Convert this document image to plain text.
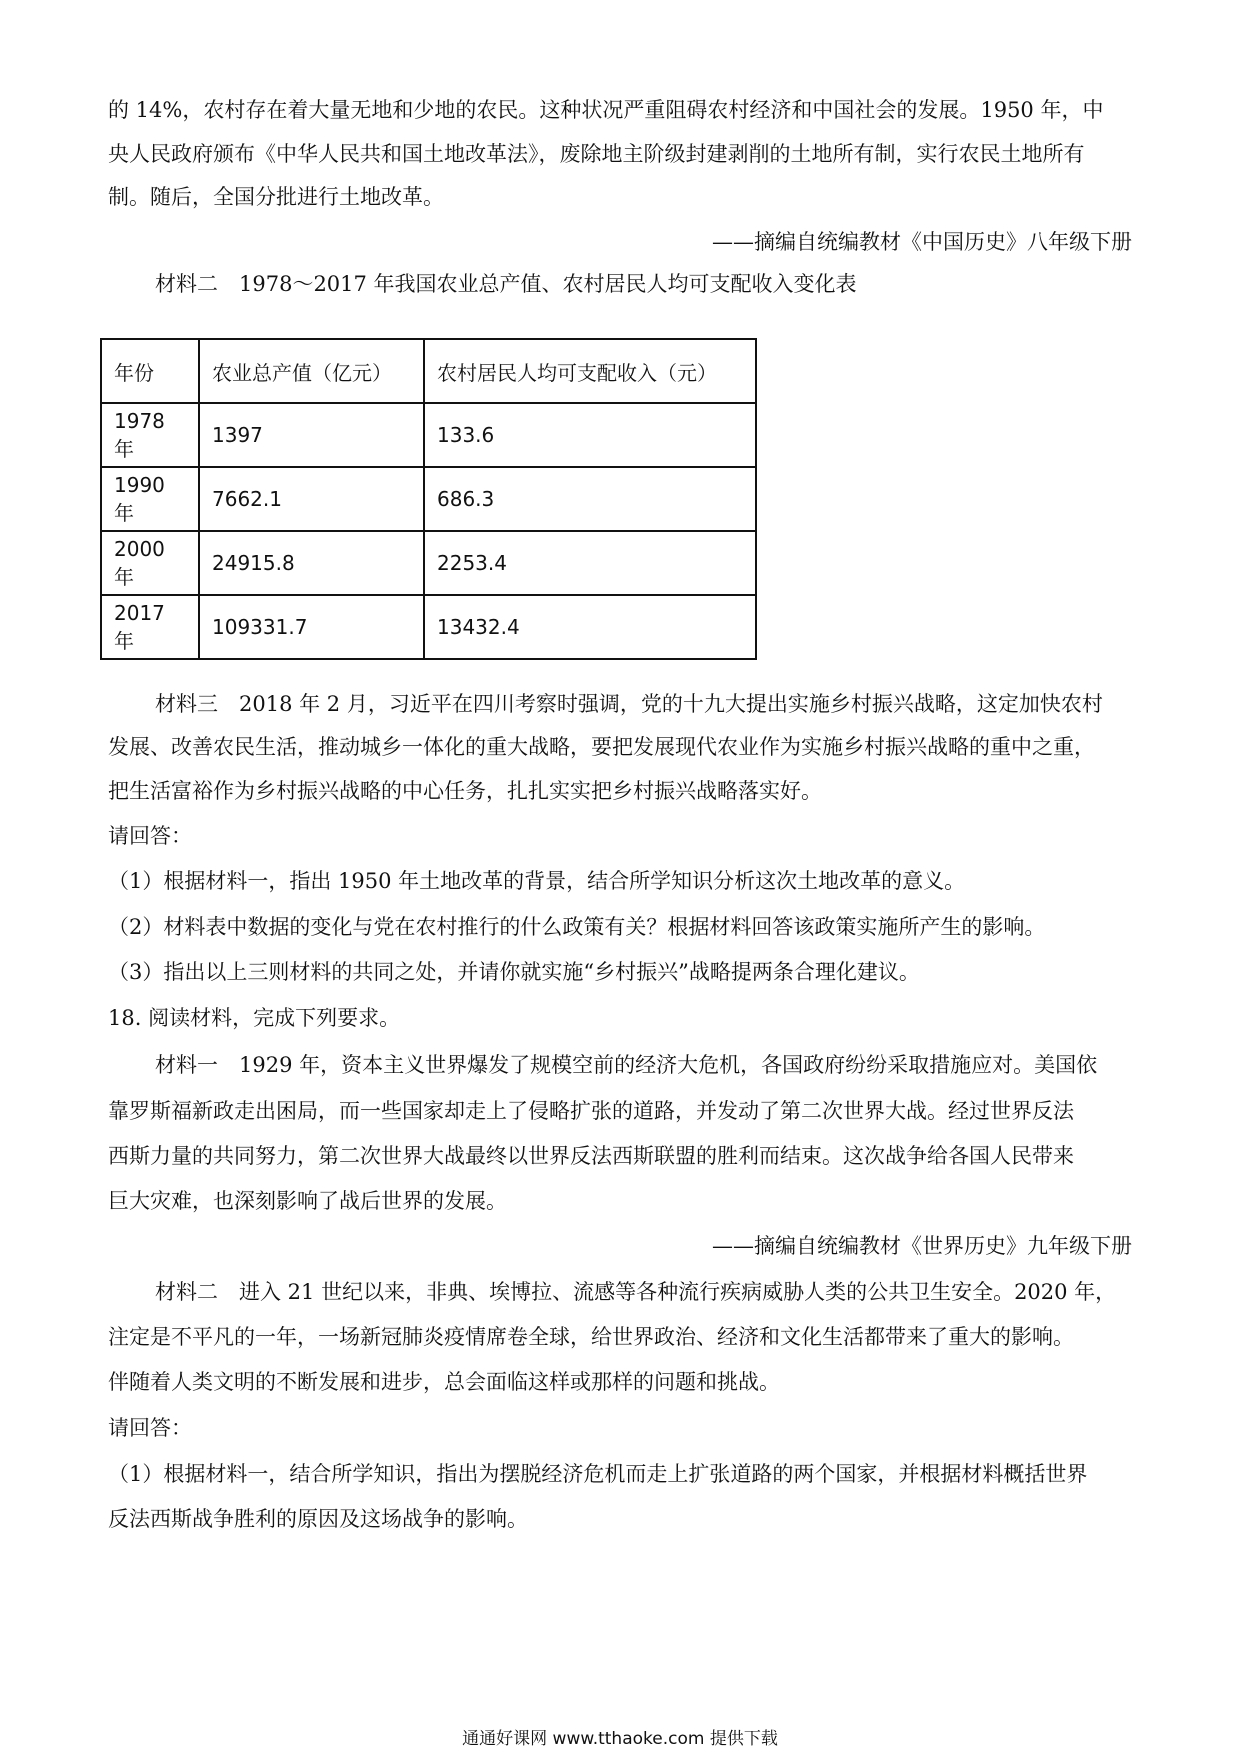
的 14%，农村存在着大量无地和少地的农民。这种状况严重阻碍农村经济和中国社会的发展。1950 年，中
央人民政府颁布《中华人民共和国土地改革法》，废除地主阶级封建剥削的土地所有制，实行农民土地所有
制。随后，全国分批进行土地改革。
——摘编自统编教材《中国历史》八年级下册
材料二　1978～2017 年我国农业总产值、农村居民人均可支配收入变化表
年份	农业总产值（亿元）	农村居民人均可支配收入（元）
1978 年	1397	133.6
1990 年	7662.1	686.3
2000 年	24915.8	2253.4
2017 年	109331.7	13432.4
材料三　2018 年 2 月，习近平在四川考察时强调，党的十九大提出实施乡村振兴战略，这定加快农村
发展、改善农民生活，推动城乡一体化的重大战略，要把发展现代农业作为实施乡村振兴战略的重中之重，
把生活富裕作为乡村振兴战略的中心任务，扎扎实实把乡村振兴战略落实好。
请回答：
（1）根据材料一，指出 1950 年土地改革的背景，结合所学知识分析这次土地改革的意义。
（2）材料表中数据的变化与党在农村推行的什么政策有关？根据材料回答该政策实施所产生的影响。
（3）指出以上三则材料的共同之处，并请你就实施“乡村振兴”战略提两条合理化建议。
18. 阅读材料，完成下列要求。
材料一　1929 年，资本主义世界爆发了规模空前的经济大危机，各国政府纷纷采取措施应对。美国依
靠罗斯福新政走出困局，而一些国家却走上了侵略扩张的道路，并发动了第二次世界大战。经过世界反法
西斯力量的共同努力，第二次世界大战最终以世界反法西斯联盟的胜利而结束。这次战争给各国人民带来
巨大灾难，也深刻影响了战后世界的发展。
——摘编自统编教材《世界历史》九年级下册
材料二　进入 21 世纪以来，非典、埃博拉、流感等各种流行疾病威胁人类的公共卫生安全。2020 年，
注定是不平凡的一年，一场新冠肺炎疫情席卷全球，给世界政治、经济和文化生活都带来了重大的影响。
伴随着人类文明的不断发展和进步，总会面临这样或那样的问题和挑战。
请回答：
（1）根据材料一，结合所学知识，指出为摆脱经济危机而走上扩张道路的两个国家，并根据材料概括世界
反法西斯战争胜利的原因及这场战争的影响。
通通好课网 www.tthaoke.com 提供下载
